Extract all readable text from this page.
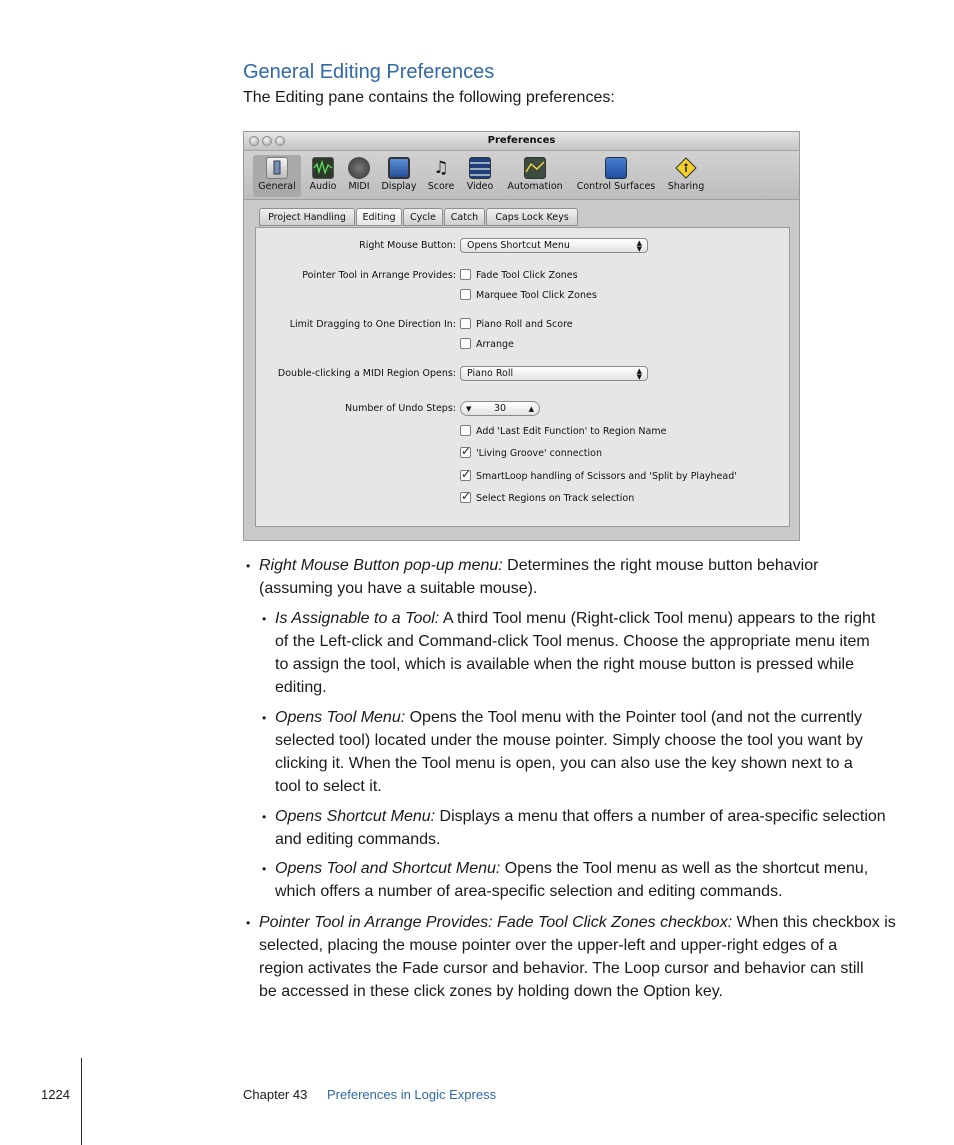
General Editing Preferences
The Editing pane contains the following preferences:
Preferences
General	Audio	MIDI	Display
♫
Score	Video	Automation	Control Surfaces	Sharing
Project Handling	Editing	Cycle	Catch	Caps Lock Keys
Right Mouse Button:	Opens Shortcut Menu	▲
▼
Pointer Tool in Arrange Provides:	Fade Tool Click Zones
Marquee Tool Click Zones
Limit Dragging to One Direction In:	Piano Roll and Score
Arrange
Double-clicking a MIDI Region Opens:	Piano Roll	▲
▼
Number of Undo Steps: ▼ 30	▲
Add 'Last Edit Function' to Region Name
✓'Living Groove' connection
✓SmartLoop handling of Scissors and 'Split by Playhead'
✓Select Regions on Track selection
• Right Mouse Button pop-up menu: Determines the right mouse button behavior
(assuming you have a suitable mouse).
• Is Assignable to a Tool: A third Tool menu (Right-click Tool menu) appears to the right
of the Left-click and Command-click Tool menus. Choose the appropriate menu item
to assign the tool, which is available when the right mouse button is pressed while
editing.
• Opens Tool Menu: Opens the Tool menu with the Pointer tool (and not the currently
selected tool) located under the mouse pointer. Simply choose the tool you want by
clicking it. When the Tool menu is open, you can also use the key shown next to a
tool to select it.
• Opens Shortcut Menu: Displays a menu that offers a number of area-specific selection
and editing commands.
• Opens Tool and Shortcut Menu: Opens the Tool menu as well as the shortcut menu,
which offers a number of area-specific selection and editing commands.
• Pointer Tool in Arrange Provides: Fade Tool Click Zones checkbox: When this checkbox is
selected, placing the mouse pointer over the upper-left and upper-right edges of a
region activates the Fade cursor and behavior. The Loop cursor and behavior can still
be accessed in these click zones by holding down the Option key.
1224	Chapter 43 Preferences in Logic Express
